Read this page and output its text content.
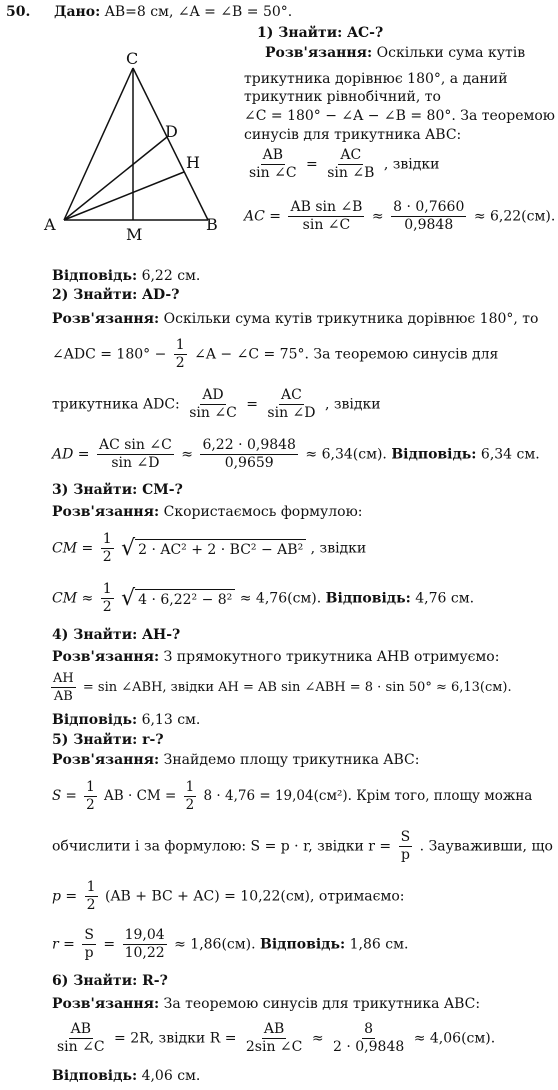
50. Дано: AB=8 см, ∠A = ∠B = 50°.
C
D
H
A	B
M
1) Знайти: AC-?
Розв'язання: Оскільки сума кутів
трикутника дорівнює 180°, а даний
трикутник рівнобічний, то
∠C = 180° − ∠A − ∠B = 80°. За теоремою
синусів для трикутника ABC:
$\frac{AB}{\sin \angle C} = \frac{AC}{\sin \angle B}$ , звідки
AC = $\frac{\text{AB sin ∠B}}{\sin \angle C} \approx \frac{8 \cdot 0,7660}{0,9848} \approx 6,22(см)$.
Відповідь: 6,22 см.
2) Знайти: AD-?
Розв'язання: Оскільки сума кутів трикутника дорівнює 180°, то
∠ADC = $180^\circ - \frac{1}{2}$ ∠A − ∠C = 75°. За теоремою синусів для
трикутника ADC: $\frac{AD}{\sin \angle C} = \frac{AC}{\sin \angle D}$ , звідки
AD = $\frac{\text{AC sin ∠C}}{\sin \angle D} \approx \frac{6,22 \cdot 0,9848}{0,9659} \approx 6,34(см)$. Відповідь: 6,34 см.
3) Знайти: CM-?
Розв'язання: Скористаємось формулою:
CM = $\frac{1}{2}$
√ 2 · AC² + 2 · BC² − AB² , звідки
CM ≈ $\frac{1}{2}$
√ 4 · 6,22² − 8² ≈ 4,76(см). Відповідь: 4,76 см.
4) Знайти: AH-?
Розв'язання: З прямокутного трикутника AHB отримуємо:
$\frac{AH}{AB} = \sin$ ∠ABH, звідки AH = AB sin ∠ABH = 8 · sin 50° ≈ 6,13(см).
Відповідь: 6,13 см.
5) Знайти: r-?
Розв'язання: Знайдемо площу трикутника ABC:
$S = \frac{1}{2}$ AB · CM = $\frac{1}{2} 8 \cdot 4,76 = 19,04(см^2)$. Крім того, площу можна
обчислити і за формулою: S = p · r, звідки $r = \frac{S}{p}$ . Зауваживши, що
$p = \frac{1}{2} (AB$ + BC + AC) = 10,22(см), отримаємо:
$r = \frac{S}{p} = \frac{19,04}{10,22} \approx 1,86(см)$. Відповідь: 1,86 см.
6) Знайти: R-?
Розв'язання: За теоремою синусів для трикутника ABC:
$\frac{AB}{\sin \angle C} = 2R$, звідки $R = \frac{AB}{2\sin \angle C} \approx \frac{8}{2 \cdot 0,9848} \approx 4,06(см)$.
Відповідь: 4,06 см.
